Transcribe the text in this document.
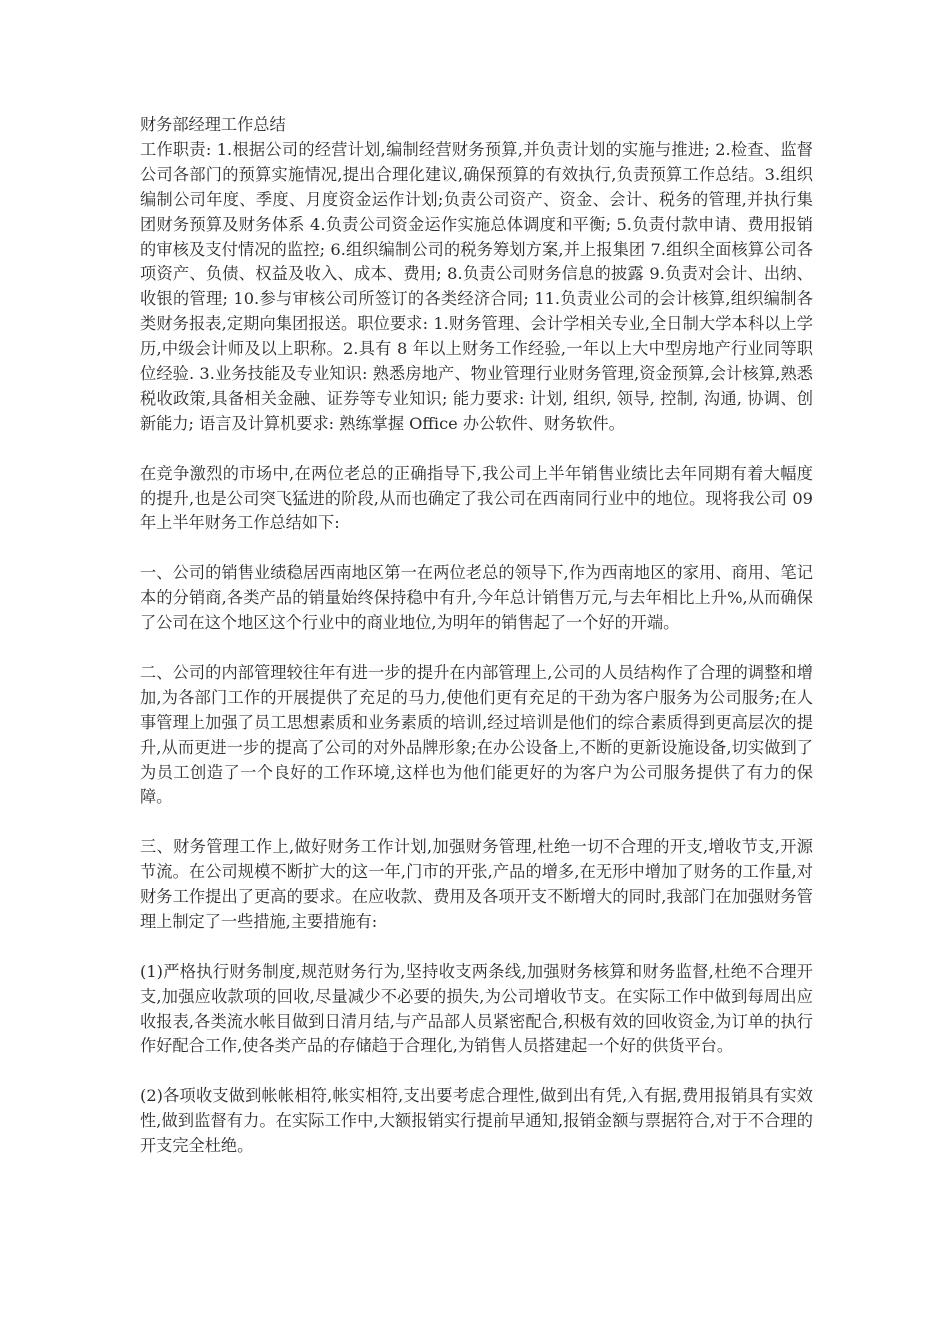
财务部经理工作总结

工作职责: 1.根据公司的经营计划,编制经营财务预算,并负责计划的实施与推进; 2.检查、监督公司各部门的预算实施情况,提出合理化建议,确保预算的有效执行,负责预算工作总结。3.组织编制公司年度、季度、月度资金运作计划;负责公司资产、资金、会计、税务的管理,并执行集团财务预算及财务体系 4.负责公司资金运作实施总体调度和平衡; 5.负责付款申请、费用报销的审核及支付情况的监控; 6.组织编制公司的税务筹划方案,并上报集团 7.组织全面核算公司各项资产、负债、权益及收入、成本、费用; 8.负责公司财务信息的披露 9.负责对会计、出纳、收银的管理; 10.参与审核公司所签订的各类经济合同; 11.负责业公司的会计核算,组织编制各类财务报表,定期向集团报送。职位要求: 1.财务管理、会计学相关专业,全日制大学本科以上学历,中级会计师及以上职称。2.具有 8 年以上财务工作经验,一年以上大中型房地产行业同等职位经验. 3.业务技能及专业知识: 熟悉房地产、物业管理行业财务管理,资金预算,会计核算,熟悉税收政策,具备相关金融、证券等专业知识; 能力要求: 计划, 组织, 领导, 控制, 沟通, 协调、创新能力; 语言及计算机要求: 熟练掌握 Office 办公软件、财务软件。

在竞争激烈的市场中,在两位老总的正确指导下,我公司上半年销售业绩比去年同期有着大幅度的提升,也是公司突飞猛进的阶段,从而也确定了我公司在西南同行业中的地位。现将我公司 09 年上半年财务工作总结如下:

一、公司的销售业绩稳居西南地区第一在两位老总的领导下,作为西南地区的家用、商用、笔记本的分销商,各类产品的销量始终保持稳中有升,今年总计销售万元,与去年相比上升%,从而确保了公司在这个地区这个行业中的商业地位,为明年的销售起了一个好的开端。

二、公司的内部管理较往年有进一步的提升在内部管理上,公司的人员结构作了合理的调整和增加,为各部门工作的开展提供了充足的马力,使他们更有充足的干劲为客户服务为公司服务;在人事管理上加强了员工思想素质和业务素质的培训,经过培训是他们的综合素质得到更高层次的提升,从而更进一步的提高了公司的对外品牌形象;在办公设备上,不断的更新设施设备,切实做到了为员工创造了一个良好的工作环境,这样也为他们能更好的为客户为公司服务提供了有力的保障。

三、财务管理工作上,做好财务工作计划,加强财务管理,杜绝一切不合理的开支,增收节支,开源节流。在公司规模不断扩大的这一年,门市的开张,产品的增多,在无形中增加了财务的工作量,对财务工作提出了更高的要求。在应收款、费用及各项开支不断增大的同时,我部门在加强财务管理上制定了一些措施,主要措施有:

(1)严格执行财务制度,规范财务行为,坚持收支两条线,加强财务核算和财务监督,杜绝不合理开支,加强应收款项的回收,尽量减少不必要的损失,为公司增收节支。在实际工作中做到每周出应收报表,各类流水帐目做到日清月结,与产品部人员紧密配合,积极有效的回收资金,为订单的执行作好配合工作,使各类产品的存储趋于合理化,为销售人员搭建起一个好的供货平台。

(2)各项收支做到帐帐相符,帐实相符,支出要考虑合理性,做到出有凭,入有据,费用报销具有实效性,做到监督有力。在实际工作中,大额报销实行提前早通知,报销金额与票据符合,对于不合理的开支完全杜绝。
